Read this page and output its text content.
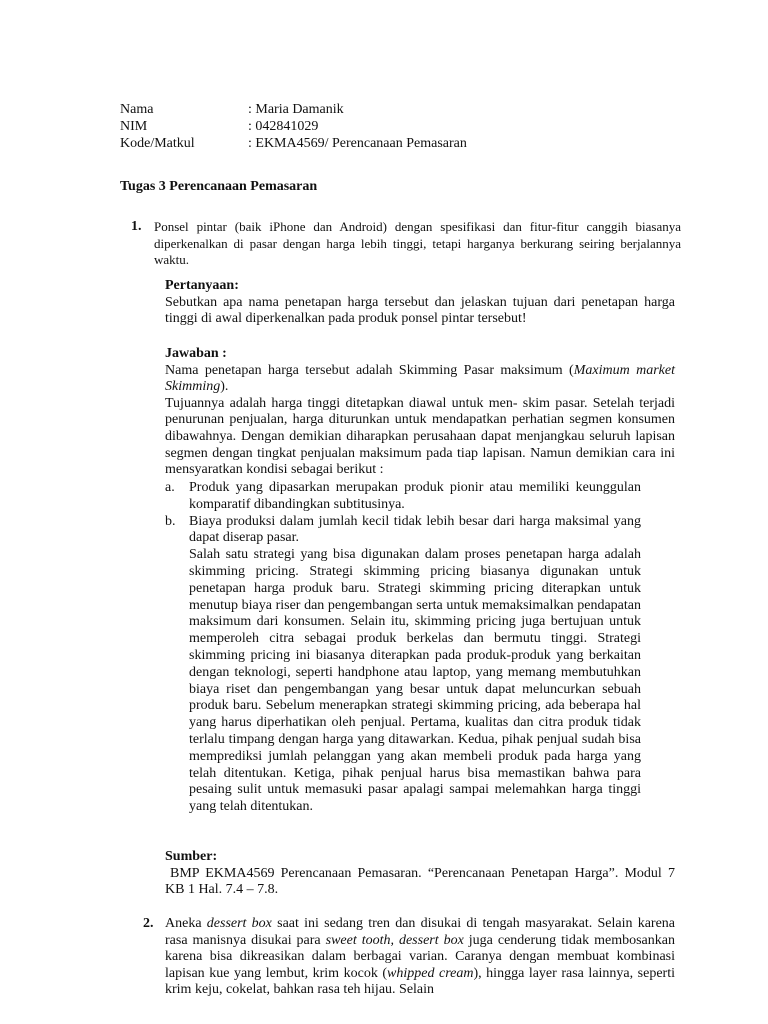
Nama	: Maria Damanik
NIM	: 042841029
Kode/Matkul	: EKMA4569/ Perencanaan Pemasaran
Tugas 3 Perencanaan Pemasaran
1. Ponsel pintar (baik iPhone dan Android) dengan spesifikasi dan fitur-fitur canggih biasanya diperkenalkan di pasar dengan harga lebih tinggi, tetapi harganya berkurang seiring berjalannya waktu.

Pertanyaan:

Sebutkan apa nama penetapan harga tersebut dan jelaskan tujuan dari penetapan harga tinggi di awal diperkenalkan pada produk ponsel pintar tersebut!

Jawaban :

Nama penetapan harga tersebut adalah Skimming Pasar maksimum (Maximum market Skimming).

Tujuannya adalah harga tinggi ditetapkan diawal untuk men- skim pasar. Setelah terjadi penurunan penjualan, harga diturunkan untuk mendapatkan perhatian segmen konsumen dibawahnya. Dengan demikian diharapkan perusahaan dapat menjangkau seluruh lapisan segmen dengan tingkat penjualan maksimum pada tiap lapisan. Namun demikian cara ini mensyaratkan kondisi sebagai berikut :

a. Produk yang dipasarkan merupakan produk pionir atau memiliki keunggulan komparatif dibandingkan subtitusinya.

b. Biaya produksi dalam jumlah kecil tidak lebih besar dari harga maksimal yang dapat diserap pasar.

Salah satu strategi yang bisa digunakan dalam proses penetapan harga adalah skimming pricing. Strategi skimming pricing biasanya digunakan untuk penetapan harga produk baru. Strategi skimming pricing diterapkan untuk menutup biaya riser dan pengembangan serta untuk memaksimalkan pendapatan maksimum dari konsumen. Selain itu, skimming pricing juga bertujuan untuk memperoleh citra sebagai produk berkelas dan bermutu tinggi. Strategi skimming pricing ini biasanya diterapkan pada produk-produk yang berkaitan dengan teknologi, seperti handphone atau laptop, yang memang membutuhkan biaya riset dan pengembangan yang besar untuk dapat meluncurkan sebuah produk baru. Sebelum menerapkan strategi skimming pricing, ada beberapa hal yang harus diperhatikan oleh penjual. Pertama, kualitas dan citra produk tidak terlalu timpang dengan harga yang ditawarkan. Kedua, pihak penjual sudah bisa memprediksi jumlah pelanggan yang akan membeli produk pada harga yang telah ditentukan. Ketiga, pihak penjual harus bisa memastikan bahwa para pesaing sulit untuk memasuki pasar apalagi sampai melemahkan harga tinggi yang telah ditentukan.

Sumber:

BMP EKMA4569 Perencanaan Pemasaran. “Perencanaan Penetapan Harga”. Modul 7 KB 1 Hal. 7.4 – 7.8.

2. Aneka dessert box saat ini sedang tren dan disukai di tengah masyarakat. Selain karena rasa manisnya disukai para sweet tooth, dessert box juga cenderung tidak membosankan karena bisa dikreasikan dalam berbagai varian. Caranya dengan membuat kombinasi lapisan kue yang lembut, krim kocok (whipped cream), hingga layer rasa lainnya, seperti krim keju, cokelat, bahkan rasa teh hijau. Selain
